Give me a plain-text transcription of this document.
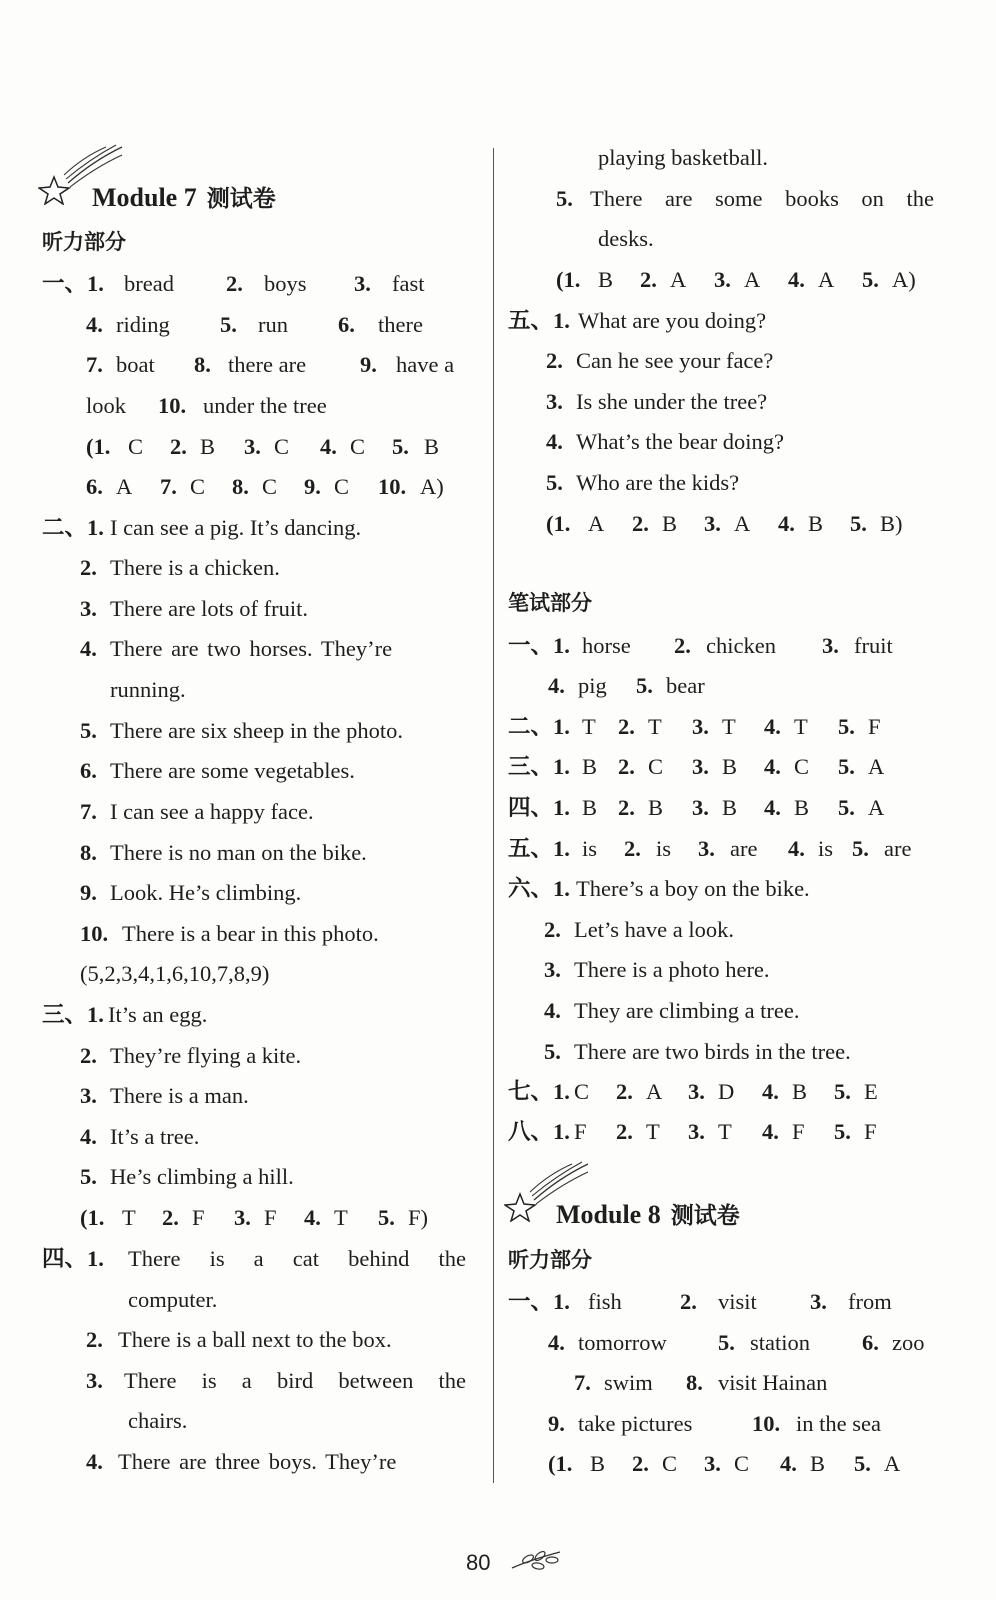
Module 7 测试卷
听力部分
一、1. bread 2. boys 3. fast
4. riding 5. run 6. there
7. boat 8. there are 9. have a
look 10. under the tree
(1. C 2. B 3. C 4. C 5. B
6. A 7. C 8. C 9. C 10. A)
二、1. I can see a pig. It’s dancing.
2. There is a chicken.
3. There are lots of fruit.
4. There are two horses. They’re
running.
5. There are six sheep in the photo.
6. There are some vegetables.
7. I can see a happy face.
8. There is no man on the bike.
9. Look. He’s climbing.
10. There is a bear in this photo.
(5,2,3,4,1,6,10,7,8,9)
三、1. It’s an egg.
2. They’re flying a kite.
3. There is a man.
4. It’s a tree.
5. He’s climbing a hill.
(1. T 2. F 3. F 4. T 5. F)
四、1. There is a cat behind the
computer.
2. There is a ball next to the box.
3. There is a bird between the
chairs.
4. There are three boys. They’re
playing basketball.
5. There are some books on the
desks.
(1. B 2. A 3. A 4. A 5. A)
五、1. What are you doing?
2. Can he see your face?
3. Is she under the tree?
4. What’s the bear doing?
5. Who are the kids?
(1. A 2. B 3. A 4. B 5. B)
笔试部分
一、1. horse 2. chicken 3. fruit
4. pig 5. bear
二、1. T 2. T 3. T 4. T 5. F
三、1. B 2. C 3. B 4. C 5. A
四、1. B 2. B 3. B 4. B 5. A
五、1. is 2. is 3. are 4. is 5. are
六、1. There’s a boy on the bike.
2. Let’s have a look.
3. There is a photo here.
4. They are climbing a tree.
5. There are two birds in the tree.
七、1. C 2. A 3. D 4. B 5. E
八、1. F 2. T 3. T 4. F 5. F
Module 8 测试卷
听力部分
一、1. fish	2. visit 3. from
4. tomorrow 5. station 6. zoo
7. swim 8. visit Hainan
9. take pictures	10. in the sea
(1. B 2. C 3. C 4. B 5. A
80
